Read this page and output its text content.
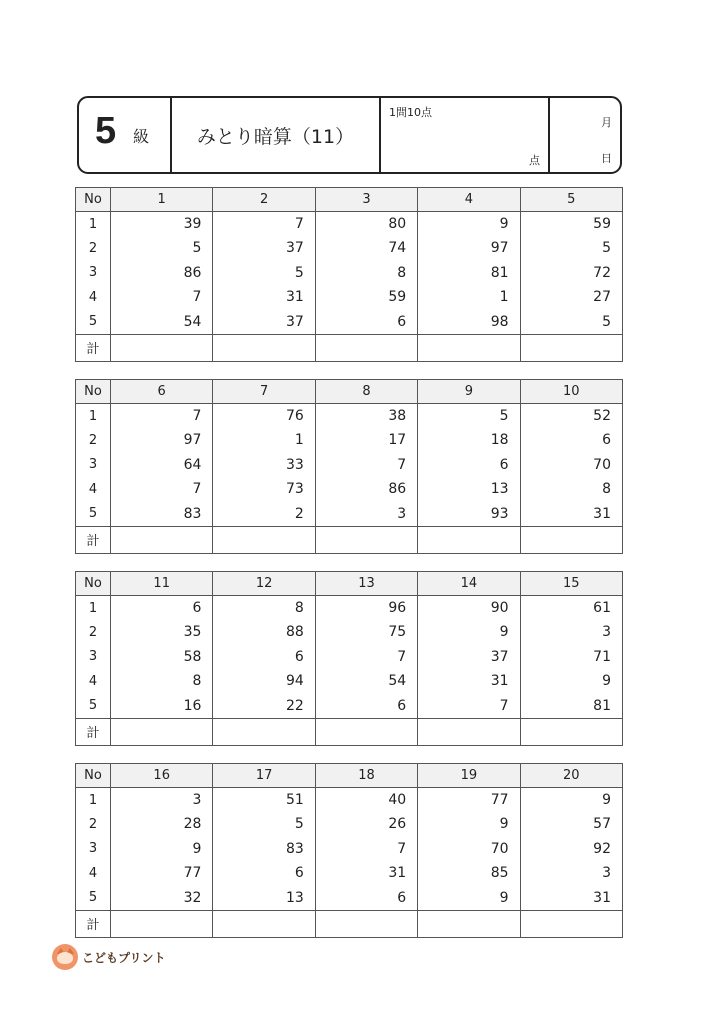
5 級	みとり暗算（11）
1問10点
点
月
日
No	1	2	3	4	5
1	39	7	80	9	59
2	5	37	74	97	5
3	86	5	8	81	72
4	7	31	59	1	27
5	54	37	6	98	5
計					
No	6	7	8	9	10
1	7	76	38	5	52
2	97	1	17	18	6
3	64	33	7	6	70
4	7	73	86	13	8
5	83	2	3	93	31
計					
No	11	12	13	14	15
1	6	8	96	90	61
2	35	88	75	9	3
3	58	6	7	37	71
4	8	94	54	31	9
5	16	22	6	7	81
計					
No	16	17	18	19	20
1	3	51	40	77	9
2	28	5	26	9	57
3	9	83	7	70	92
4	77	6	31	85	3
5	32	13	6	9	31
計					
こどもプリント
